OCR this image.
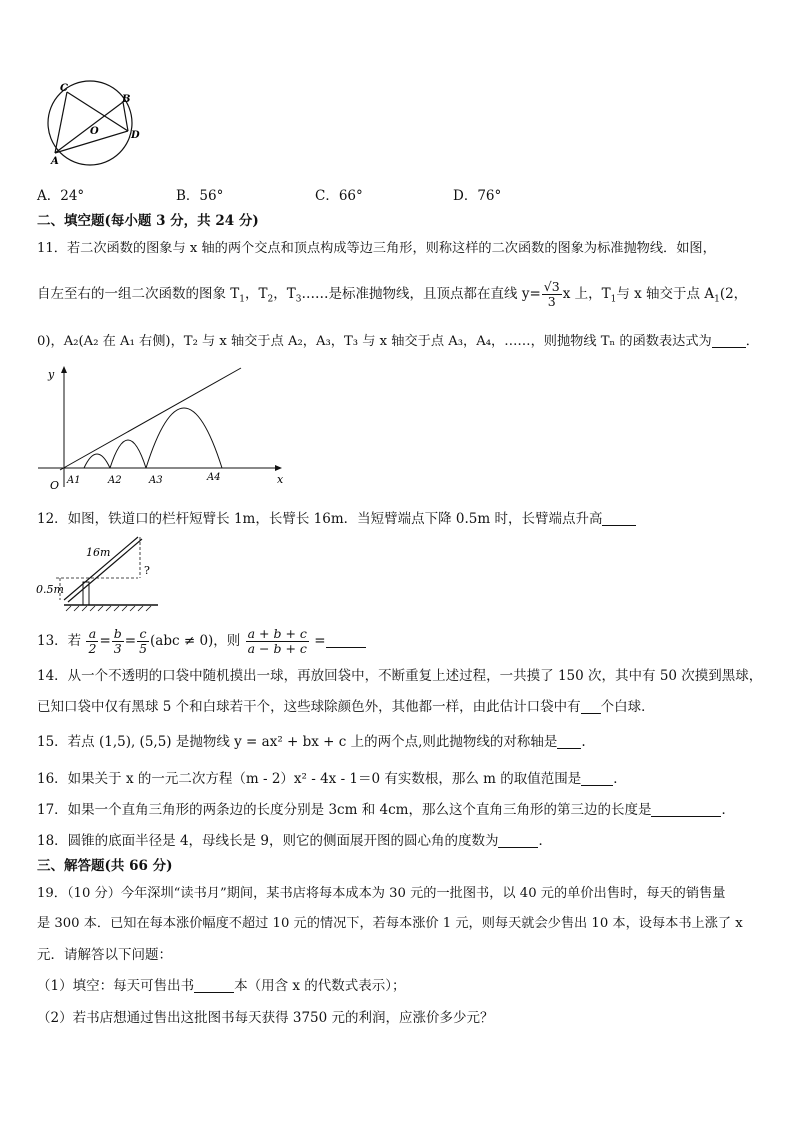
C
B
O	D
A
A．24°	B．56°	C．66°	D．76°
二、填空题(每小题 3 分，共 24 分)
11．若二次函数的图象与 x 轴的两个交点和顶点构成等边三角形，则称这样的二次函数的图象为标准抛物线．如图，
自左至右的一组二次函数的图象 $T_1$，$T_2$，$T_3\dots\dots$是标准抛物线，且顶点都在直线 $y= \frac{√3}{3}$ x 上，$T_1$与 x 轴交于点 $A_1(2$，
0)，A₂(A₂ 在 A₁ 右侧)，T₂ 与 x 轴交于点 A₂，A₃，T₃ 与 x 轴交于点 A₃，A₄，……，则抛物线 Tₙ 的函数表达式为	．
y
x
O A1	A2	A3	A4
12．如图，铁道口的栏杆短臂长 1m，长臂长 16m．当短臂端点下降 0.5m 时，长臂端点升高
16m
0.5m
?
13．若 $\frac{a}{2} = \frac{b}{3} = \frac{c}{5} (abc \ne 0)$，则 $\frac{a + b + c}{a - b + c}$ =
14．从一个不透明的口袋中随机摸出一球，再放回袋中，不断重复上述过程，一共摸了 150 次，其中有 50 次摸到黑球，
已知口袋中仅有黑球 5 个和白球若干个，这些球除颜色外，其他都一样，由此估计口袋中有 个白球．
15．若点 (1,5), (5,5) 是抛物线 y = ax² + bx + c 上的两个点,则此抛物线的对称轴是 .
16．如果关于 x 的一元二次方程（m - 2）x² - 4x - 1＝0 有实数根，那么 m 的取值范围是 ．
17．如果一个直角三角形的两条边的长度分别是 3cm 和 4cm，那么这个直角三角形的第三边的长度是	．
18．圆锥的底面半径是 4，母线长是 9，则它的侧面展开图的圆心角的度数为	．
三、解答题(共 66 分)
19．（10 分）今年深圳“读书月”期间，某书店将每本成本为 30 元的一批图书，以 40 元的单价出售时，每天的销售量
是 300 本．已知在每本涨价幅度不超过 10 元的情况下，若每本涨价 1 元，则每天就会少售出 10 本，设每本书上涨了 x
元．请解答以下问题：
（1）填空：每天可售出书	本（用含 x 的代数式表示）；
（2）若书店想通过售出这批图书每天获得 3750 元的利润，应涨价多少元？
